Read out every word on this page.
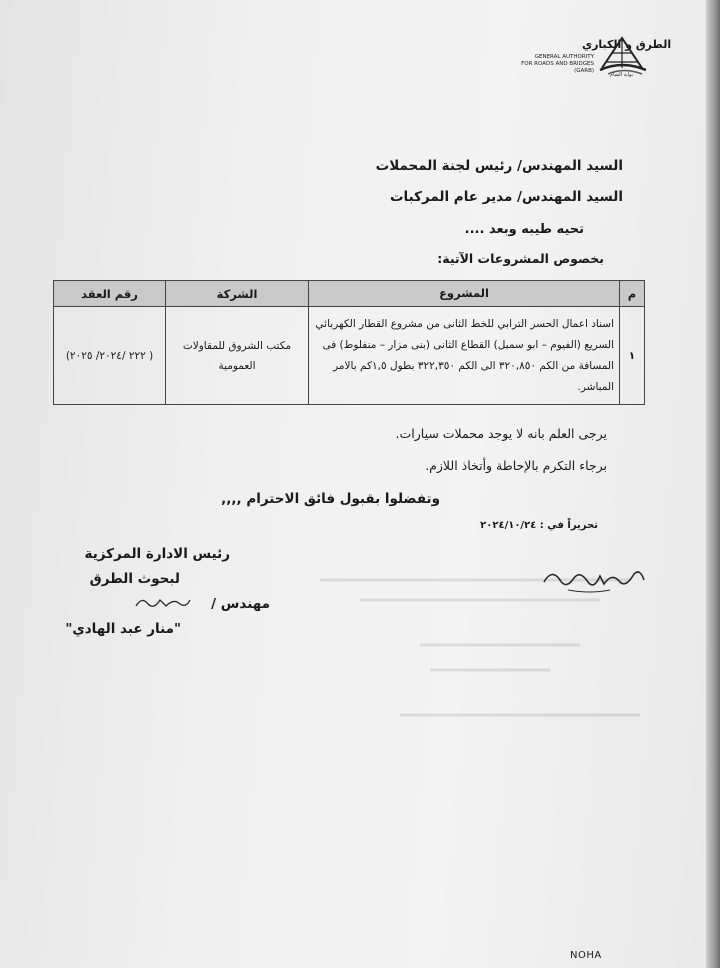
الطرق و الكباري
GENERAL AUTHORITY
FOR ROADS AND BRIDGES
(GARB)
بوابة الشام
السيد المهندس/ رئيس لجنة المحملات
السيد المهندس/ مدير عام المركبات
تحيه طيبه وبعد ....
بخصوص المشروعات الآتية:
م	المشروع	الشركة	رقم العقد
١	اسناد اعمال الحسر الترابي للخط الثانى من مشروع القطار الكهربائي السريع (الفيوم – ابو سمبل) القطاع الثانى (بنى مزار – منفلوط) فى المسافة من الكم ٣٢٠,٨٥٠ الى الكم ٣٢٢,٣٥٠ بطول ١,٥كم بالامر المباشر.	مكتب الشروق للمقاولات العمومية	( ٢٢٢ /٢٠٢٤/ ٢٠٢٥)
يرجى العلم بانه لا يوجد محملات سيارات.
برجاء التكرم بالإحاطة وأتخاذ اللازم.
وتفضلوا بقبول فائق الاحترام ,,,,
تحريراً في : ٢٠٢٤/١٠/٢٤
رئيس الادارة المركزية
لبحوث الطرق
مهندس /
"منار عبد الهادي"
NOHA
